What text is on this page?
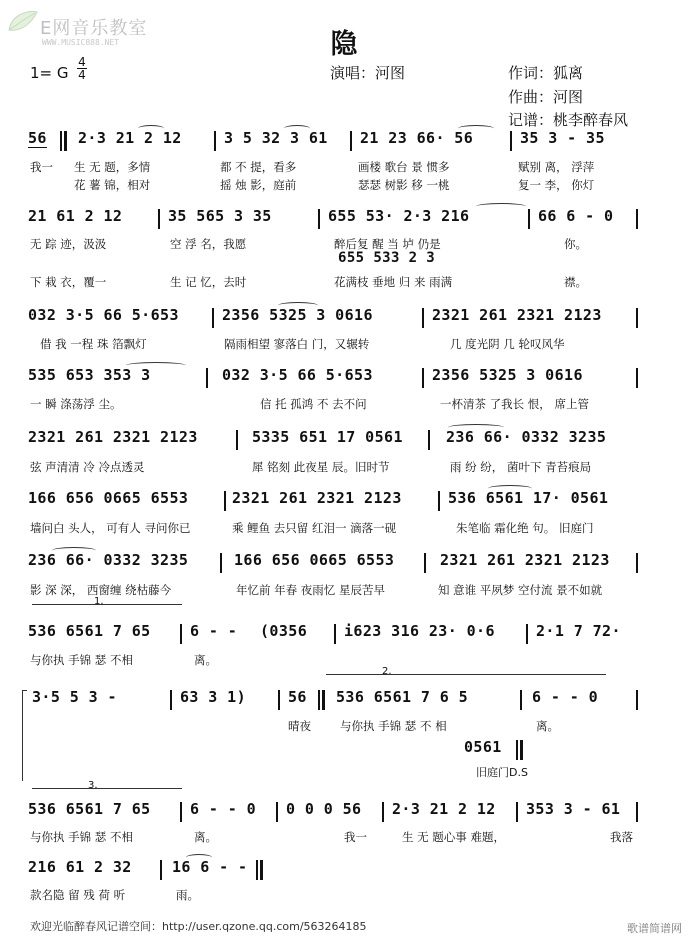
E网音乐教室
WWW.MUSIC888.NET	隐
1= G
4
4	演唱：河图	作词：狐离
作曲：河图
记谱：桃李醉春风
56 2·3 21 2 12	3 5 32 3 61 21 23 66· 56	35 3 - 35
我一 生 无 题，多情	都 不 提，看多	画楼 歌台 景 惯多	赋别 离， 浮萍
花 薯 锦，相对	摇 烛 影，庭前	瑟瑟 树影 移 一桃	复一 李， 你灯
21 61 2 12	35 565 3 35	655 53· 2·3 216	66 6 - 0
无 踪 迹，汲汲	空 浮 名，我愿	醉后复 醒 当 垆 仍是	你。
655 533 2 3
下 栽 衣，覆一	生 记 忆，去时	花满枝 垂地 归 来 雨满	襟。
032 3·5 66 5·653	2356 5325 3 0616	2321 261 2321 2123
借 我 一程 珠 箔飘灯	隔雨相望 寥落白 门，又辗转	几 度光阴 几 轮叹风华
535 653 353 3	032 3·5 66 5·653	2356 5325 3 0616
一 瞬 涤荡浮 尘。	信 托 孤鸿 不 去不问	一杯清茶 了我长 恨， 席上管
2321 261 2321 2123	5335 651 17 0561	236 66· 0332 3235
弦 声清清 冷 冷点透灵	犀 铭刻 此夜星 辰。旧时节	雨 纷 纷， 菌叶下 青苔痕局
166 656 0665 6553	2321 261 2321 2123	536 6561 17· 0561
墙问白 头人， 可有人 寻问你已	乘 鲤鱼 去只留 红泪一 滴落一砚	朱笔临 霜化绝 句。 旧庭门
236 66· 0332 3235	166 656 0665 6553	2321 261 2321 2123
影 深 深， 西窗缠 绕枯藤今	年忆前 年春 夜雨忆 星辰苦早	知 意谁 平夙梦 空付流 景不如就
1.
536 6561 7 65	6 - - (0356 i623 316 23· 0·6	2·1 7 72·
与你执 手锦 瑟 不相	离。
2.
3·5 5 3 -	63 3 1)	56 536 6561 7 6 5	6 - - 0
晴夜	与你执 手锦 瑟 不 相	离。
0561
旧庭门D.S
3.
536 6561 7 65	6 - - 0 0 0 0 56 2·3 21 2 12 353 3 - 61
与你执 手锦 瑟 不相	离。	我一	生 无 题心事 难题，	我落
216 61 2 32	16 6 - -
款名隐 留 残 荷 听	雨。
欢迎光临醉春风记谱空间：http://user.qzone.qq.com/563264185	歌谱简谱网
